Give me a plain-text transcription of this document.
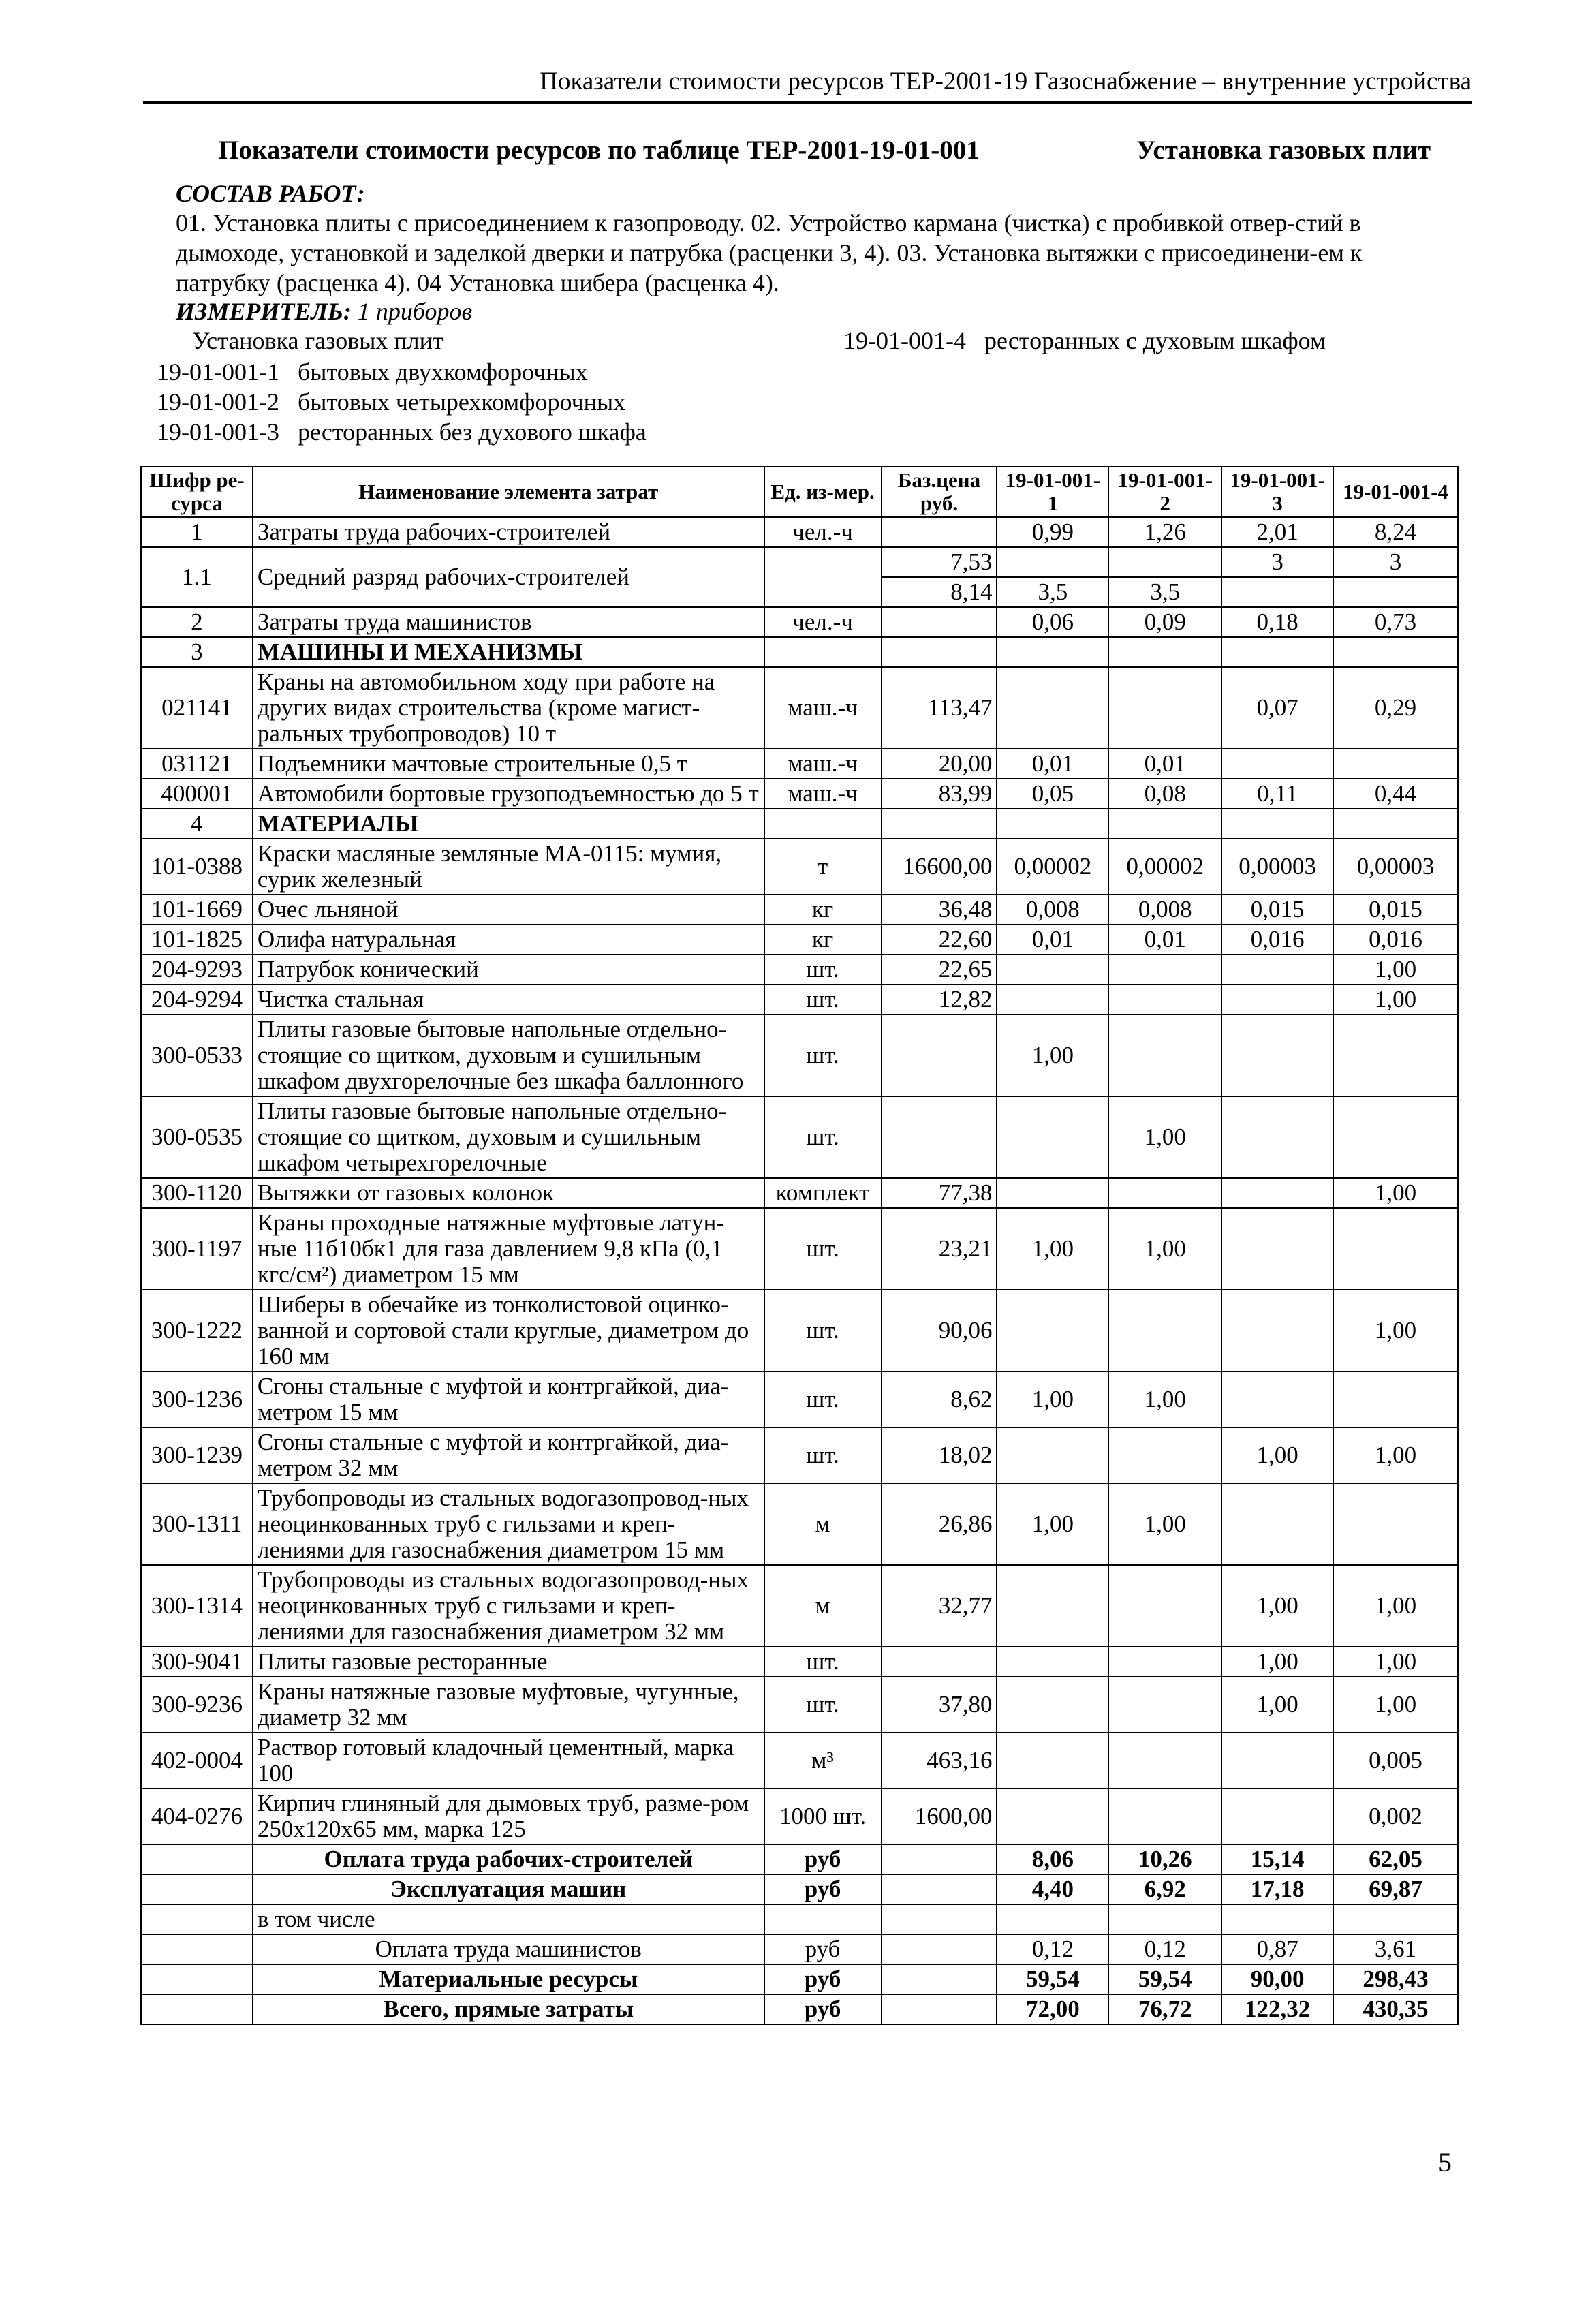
Показатели стоимости ресурсов ТЕР-2001-19 Газоснабжение – внутренние устройства
Показатели стоимости ресурсов по таблице ТЕР-2001-19-01-001	Установка газовых плит
СОСТАВ РАБОТ:
01. Установка плиты с присоединением к газопроводу. 02. Устройство кармана (чистка) с пробивкой отвер-стий в дымоходе, установкой и заделкой дверки и патрубка (расценки 3, 4). 03. Установка вытяжки с присоединени-ем к патрубку (расценка 4). 04 Установка шибера (расценка 4).
ИЗМЕРИТЕЛЬ: 1 приборов
Установка газовых плит	19-01-001-4 ресторанных с духовым шкафом
19-01-001-1 бытовых двухкомфорочных
19-01-001-2 бытовых четырехкомфорочных
19-01-001-3 ресторанных без духового шкафа
Шифр ре-сурса	Наименование элемента затрат	Ед. из-мер.	Баз.цена руб.	19-01-001-1	19-01-001-2	19-01-001-3	19-01-001-4
1	Затраты труда рабочих-строителей	чел.-ч		0,99	1,26	2,01	8,24
1.1	Средний разряд рабочих-строителей		7,53			3	3
			8,14	3,5	3,5		
2	Затраты труда машинистов	чел.-ч		0,06	0,09	0,18	0,73
3	МАШИНЫ И МЕХАНИЗМЫ						
021141	Краны на автомобильном ходу при работе на других видах строительства (кроме магист-ральных трубопроводов) 10 т	маш.-ч	113,47			0,07	0,29
031121	Подъемники мачтовые строительные 0,5 т	маш.-ч	20,00	0,01	0,01		
400001	Автомобили бортовые грузоподъемностью до 5 т	маш.-ч	83,99	0,05	0,08	0,11	0,44
4	МАТЕРИАЛЫ						
101-0388	Краски масляные земляные МА-0115: мумия, сурик железный	т	16600,00	0,00002	0,00002	0,00003	0,00003
101-1669	Очес льняной	кг	36,48	0,008	0,008	0,015	0,015
101-1825	Олифа натуральная	кг	22,60	0,01	0,01	0,016	0,016
204-9293	Патрубок конический	шт.	22,65				1,00
204-9294	Чистка стальная	шт.	12,82				1,00
300-0533	Плиты газовые бытовые напольные отдельно-стоящие со щитком, духовым и сушильным шкафом двухгорелочные без шкафа баллонного	шт.		1,00			
300-0535	Плиты газовые бытовые напольные отдельно-стоящие со щитком, духовым и сушильным шкафом четырехгорелочные	шт.			1,00		
300-1120	Вытяжки от газовых колонок	комплект	77,38				1,00
300-1197	Краны проходные натяжные муфтовые латун-ные 11б10бк1 для газа давлением 9,8 кПа (0,1 кгс/см²) диаметром 15 мм	шт.	23,21	1,00	1,00		
300-1222	Шиберы в обечайке из тонколистовой оцинко-ванной и сортовой стали круглые, диаметром до 160 мм	шт.	90,06				1,00
300-1236	Сгоны стальные с муфтой и контргайкой, диа-метром 15 мм	шт.	8,62	1,00	1,00		
300-1239	Сгоны стальные с муфтой и контргайкой, диа-метром 32 мм	шт.	18,02			1,00	1,00
300-1311	Трубопроводы из стальных водогазопровод-ных неоцинкованных труб с гильзами и креп-лениями для газоснабжения диаметром 15 мм	м	26,86	1,00	1,00		
300-1314	Трубопроводы из стальных водогазопровод-ных неоцинкованных труб с гильзами и креп-лениями для газоснабжения диаметром 32 мм	м	32,77			1,00	1,00
300-9041	Плиты газовые ресторанные	шт.				1,00	1,00
300-9236	Краны натяжные газовые муфтовые, чугунные, диаметр 32 мм	шт.	37,80			1,00	1,00
402-0004	Раствор готовый кладочный цементный, марка 100	м³	463,16				0,005
404-0276	Кирпич глиняный для дымовых труб, разме-ром 250x120x65 мм, марка 125	1000 шт.	1600,00				0,002
	Оплата труда рабочих-строителей	руб		8,06	10,26	15,14	62,05
	Эксплуатация машин	руб		4,40	6,92	17,18	69,87
	в том числе						
	Оплата труда машинистов	руб		0,12	0,12	0,87	3,61
	Материальные ресурсы	руб		59,54	59,54	90,00	298,43
	Всего, прямые затраты	руб		72,00	76,72	122,32	430,35
5
